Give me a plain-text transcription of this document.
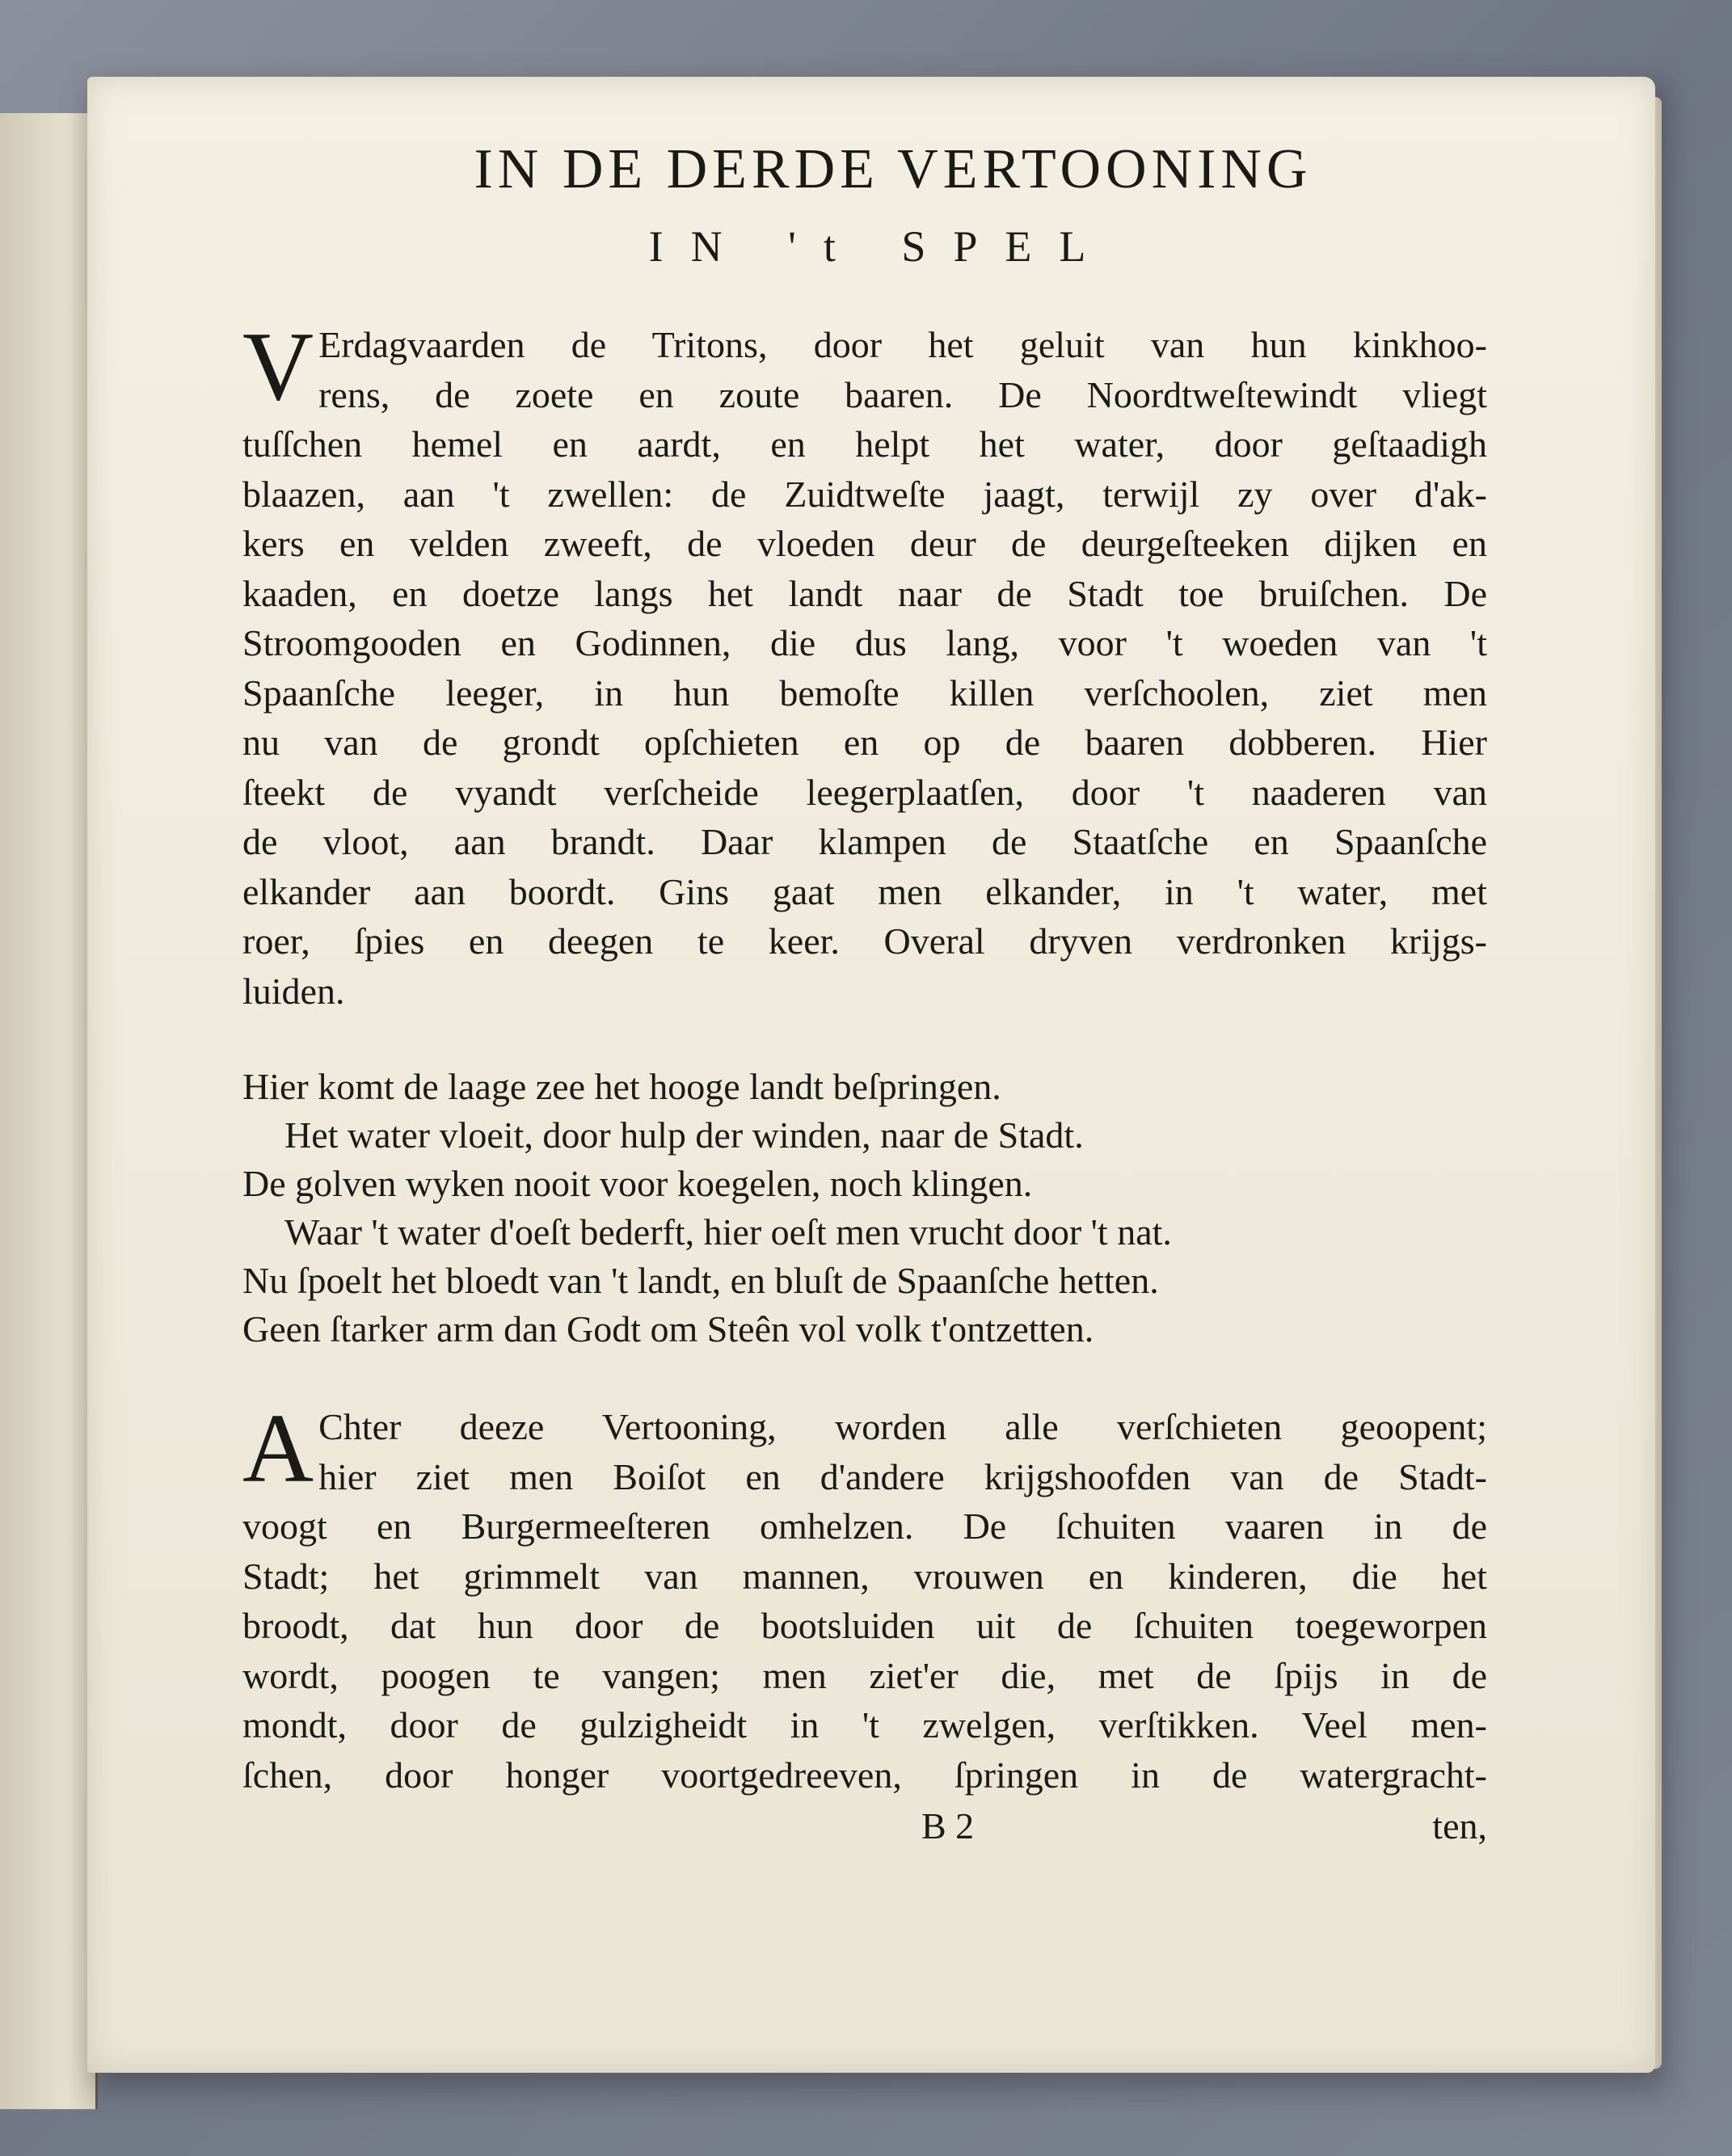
IN DE DERDE VERTOONING
IN 't SPEL
V Erdagvaarden de Tritons, door het geluit van hun kinkhoo-
rens, de zoete en zoute baaren. De Noordtweſtewindt vliegt
tuſſchen hemel en aardt, en helpt het water, door geſtaadigh
blaazen, aan 't zwellen: de Zuidtweſte jaagt, terwijl zy over d'ak-
kers en velden zweeft, de vloeden deur de deurgeſteeken dijken en
kaaden, en doetze langs het landt naar de Stadt toe bruiſchen. De
Stroomgooden en Godinnen, die dus lang, voor 't woeden van 't
Spaanſche leeger, in hun bemoſte killen verſchoolen, ziet men
nu van de grondt opſchieten en op de baaren dobberen. Hier
ſteekt de vyandt verſcheide leegerplaatſen, door 't naaderen van
de vloot, aan brandt. Daar klampen de Staatſche en Spaanſche
elkander aan boordt. Gins gaat men elkander, in 't water, met
roer, ſpies en deegen te keer. Overal dryven verdronken krijgs-
luiden.
Hier komt de laage zee het hooge landt beſpringen.
Het water vloeit, door hulp der winden, naar de Stadt.
De golven wyken nooit voor koegelen, noch klingen.
Waar 't water d'oeſt bederft, hier oeſt men vrucht door 't nat.
Nu ſpoelt het bloedt van 't landt, en bluſt de Spaanſche hetten.
Geen ſtarker arm dan Godt om Steên vol volk t'ontzetten.
A Chter deeze Vertooning, worden alle verſchieten geoopent;
hier ziet men Boiſot en d'andere krijgshoofden van de Stadt-
voogt en Burgermeeſteren omhelzen. De ſchuiten vaaren in de
Stadt; het grimmelt van mannen, vrouwen en kinderen, die het
broodt, dat hun door de bootsluiden uit de ſchuiten toegeworpen
wordt, poogen te vangen; men ziet'er die, met de ſpijs in de
mondt, door de gulzigheidt in 't zwelgen, verſtikken. Veel men-
ſchen, door honger voortgedreeven, ſpringen in de watergracht-
B 2	ten,
